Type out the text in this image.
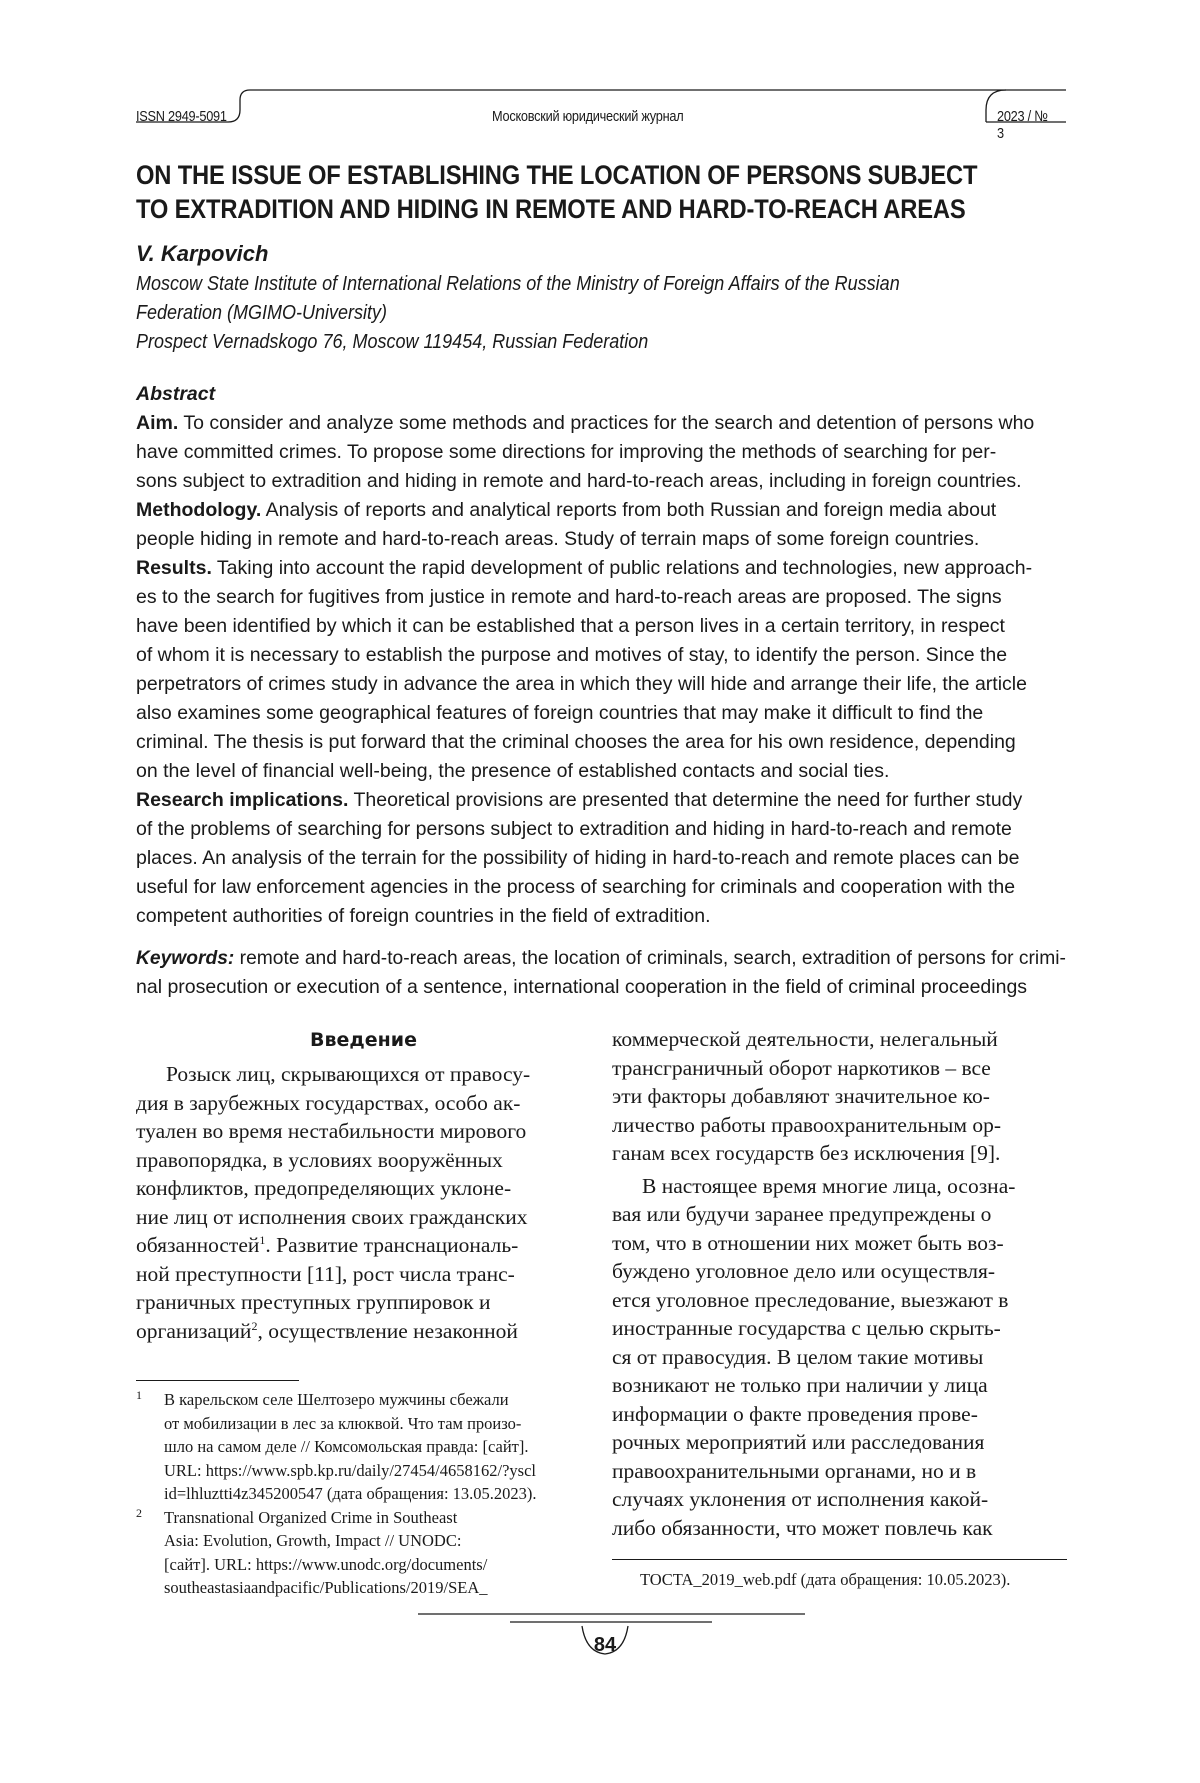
ISSN 2949-5091	Московский юридический журнал	2023 / № 3
ON THE ISSUE OF ESTABLISHING THE LOCATION OF PERSONS SUBJECT
TO EXTRADITION AND HIDING IN REMOTE AND HARD-TO-REACH AREAS
V. Karpovich
Moscow State Institute of International Relations of the Ministry of Foreign Affairs of the Russian
Federation (MGIMO-University)
Prospect Vernadskogo 76, Moscow 119454, Russian Federation
Abstract
Aim. To consider and analyze some methods and practices for the search and detention of persons who
have committed crimes. To propose some directions for improving the methods of searching for per-
sons subject to extradition and hiding in remote and hard-to-reach areas, including in foreign countries.
Methodology. Analysis of reports and analytical reports from both Russian and foreign media about
people hiding in remote and hard-to-reach areas. Study of terrain maps of some foreign countries.
Results. Taking into account the rapid development of public relations and technologies, new approach-
es to the search for fugitives from justice in remote and hard-to-reach areas are proposed. The signs
have been identified by which it can be established that a person lives in a certain territory, in respect
of whom it is necessary to establish the purpose and motives of stay, to identify the person. Since the
perpetrators of crimes study in advance the area in which they will hide and arrange their life, the article
also examines some geographical features of foreign countries that may make it difficult to find the
criminal. The thesis is put forward that the criminal chooses the area for his own residence, depending
on the level of financial well-being, the presence of established contacts and social ties.
Research implications. Theoretical provisions are presented that determine the need for further study
of the problems of searching for persons subject to extradition and hiding in hard-to-reach and remote
places. An analysis of the terrain for the possibility of hiding in hard-to-reach and remote places can be
useful for law enforcement agencies in the process of searching for criminals and cooperation with the
competent authorities of foreign countries in the field of extradition.
Keywords: remote and hard-to-reach areas, the location of criminals, search, extradition of persons for crimi-
nal prosecution or execution of a sentence, international cooperation in the field of criminal proceedings
Введение
Розыск лиц, скрывающихся от правосу-
дия в зарубежных государствах, особо ак-
туален во время нестабильности мирового
правопорядка, в условиях вооружённых
конфликтов, предопределяющих уклоне-
ние лиц от исполнения своих гражданских
обязанностей$^1$. Развитие транснациональ-
ной преступности [11], рост числа транс-
граничных преступных группировок и
организаций$^2$, осуществление незаконной
коммерческой деятельности, нелегальный
трансграничный оборот наркотиков – все
эти факторы добавляют значительное ко-
личество работы правоохранительным ор-
ганам всех государств без исключения [9].
В настоящее время многие лица, осозна-
вая или будучи заранее предупреждены о
том, что в отношении них может быть воз-
буждено уголовное дело или осуществля-
ется уголовное преследование, выезжают в
иностранные государства с целью скрыть-
ся от правосудия. В целом такие мотивы
возникают не только при наличии у лица
информации о факте проведения прове-
рочных мероприятий или расследования
правоохранительными органами, но и в
случаях уклонения от исполнения какой-
либо обязанности, что может повлечь как
1 В карельском селе Шелтозеро мужчины сбежали
от мобилизации в лес за клюквой. Что там произо-
шло на самом деле // Комсомольская правда: [сайт].
URL: https://www.spb.kp.ru/daily/27454/4658162/?yscl
id=lhluztti4z345200547 (дата обращения: 13.05.2023).
2 Transnational Organized Crime in Southeast
Asia: Evolution, Growth, Impact // UNODC:
[сайт]. URL: https://www.unodc.org/documents/
southeastasiaandpacific/Publications/2019/SEA_	TOCTA_2019_web.pdf (дата обращения: 10.05.2023).
84
